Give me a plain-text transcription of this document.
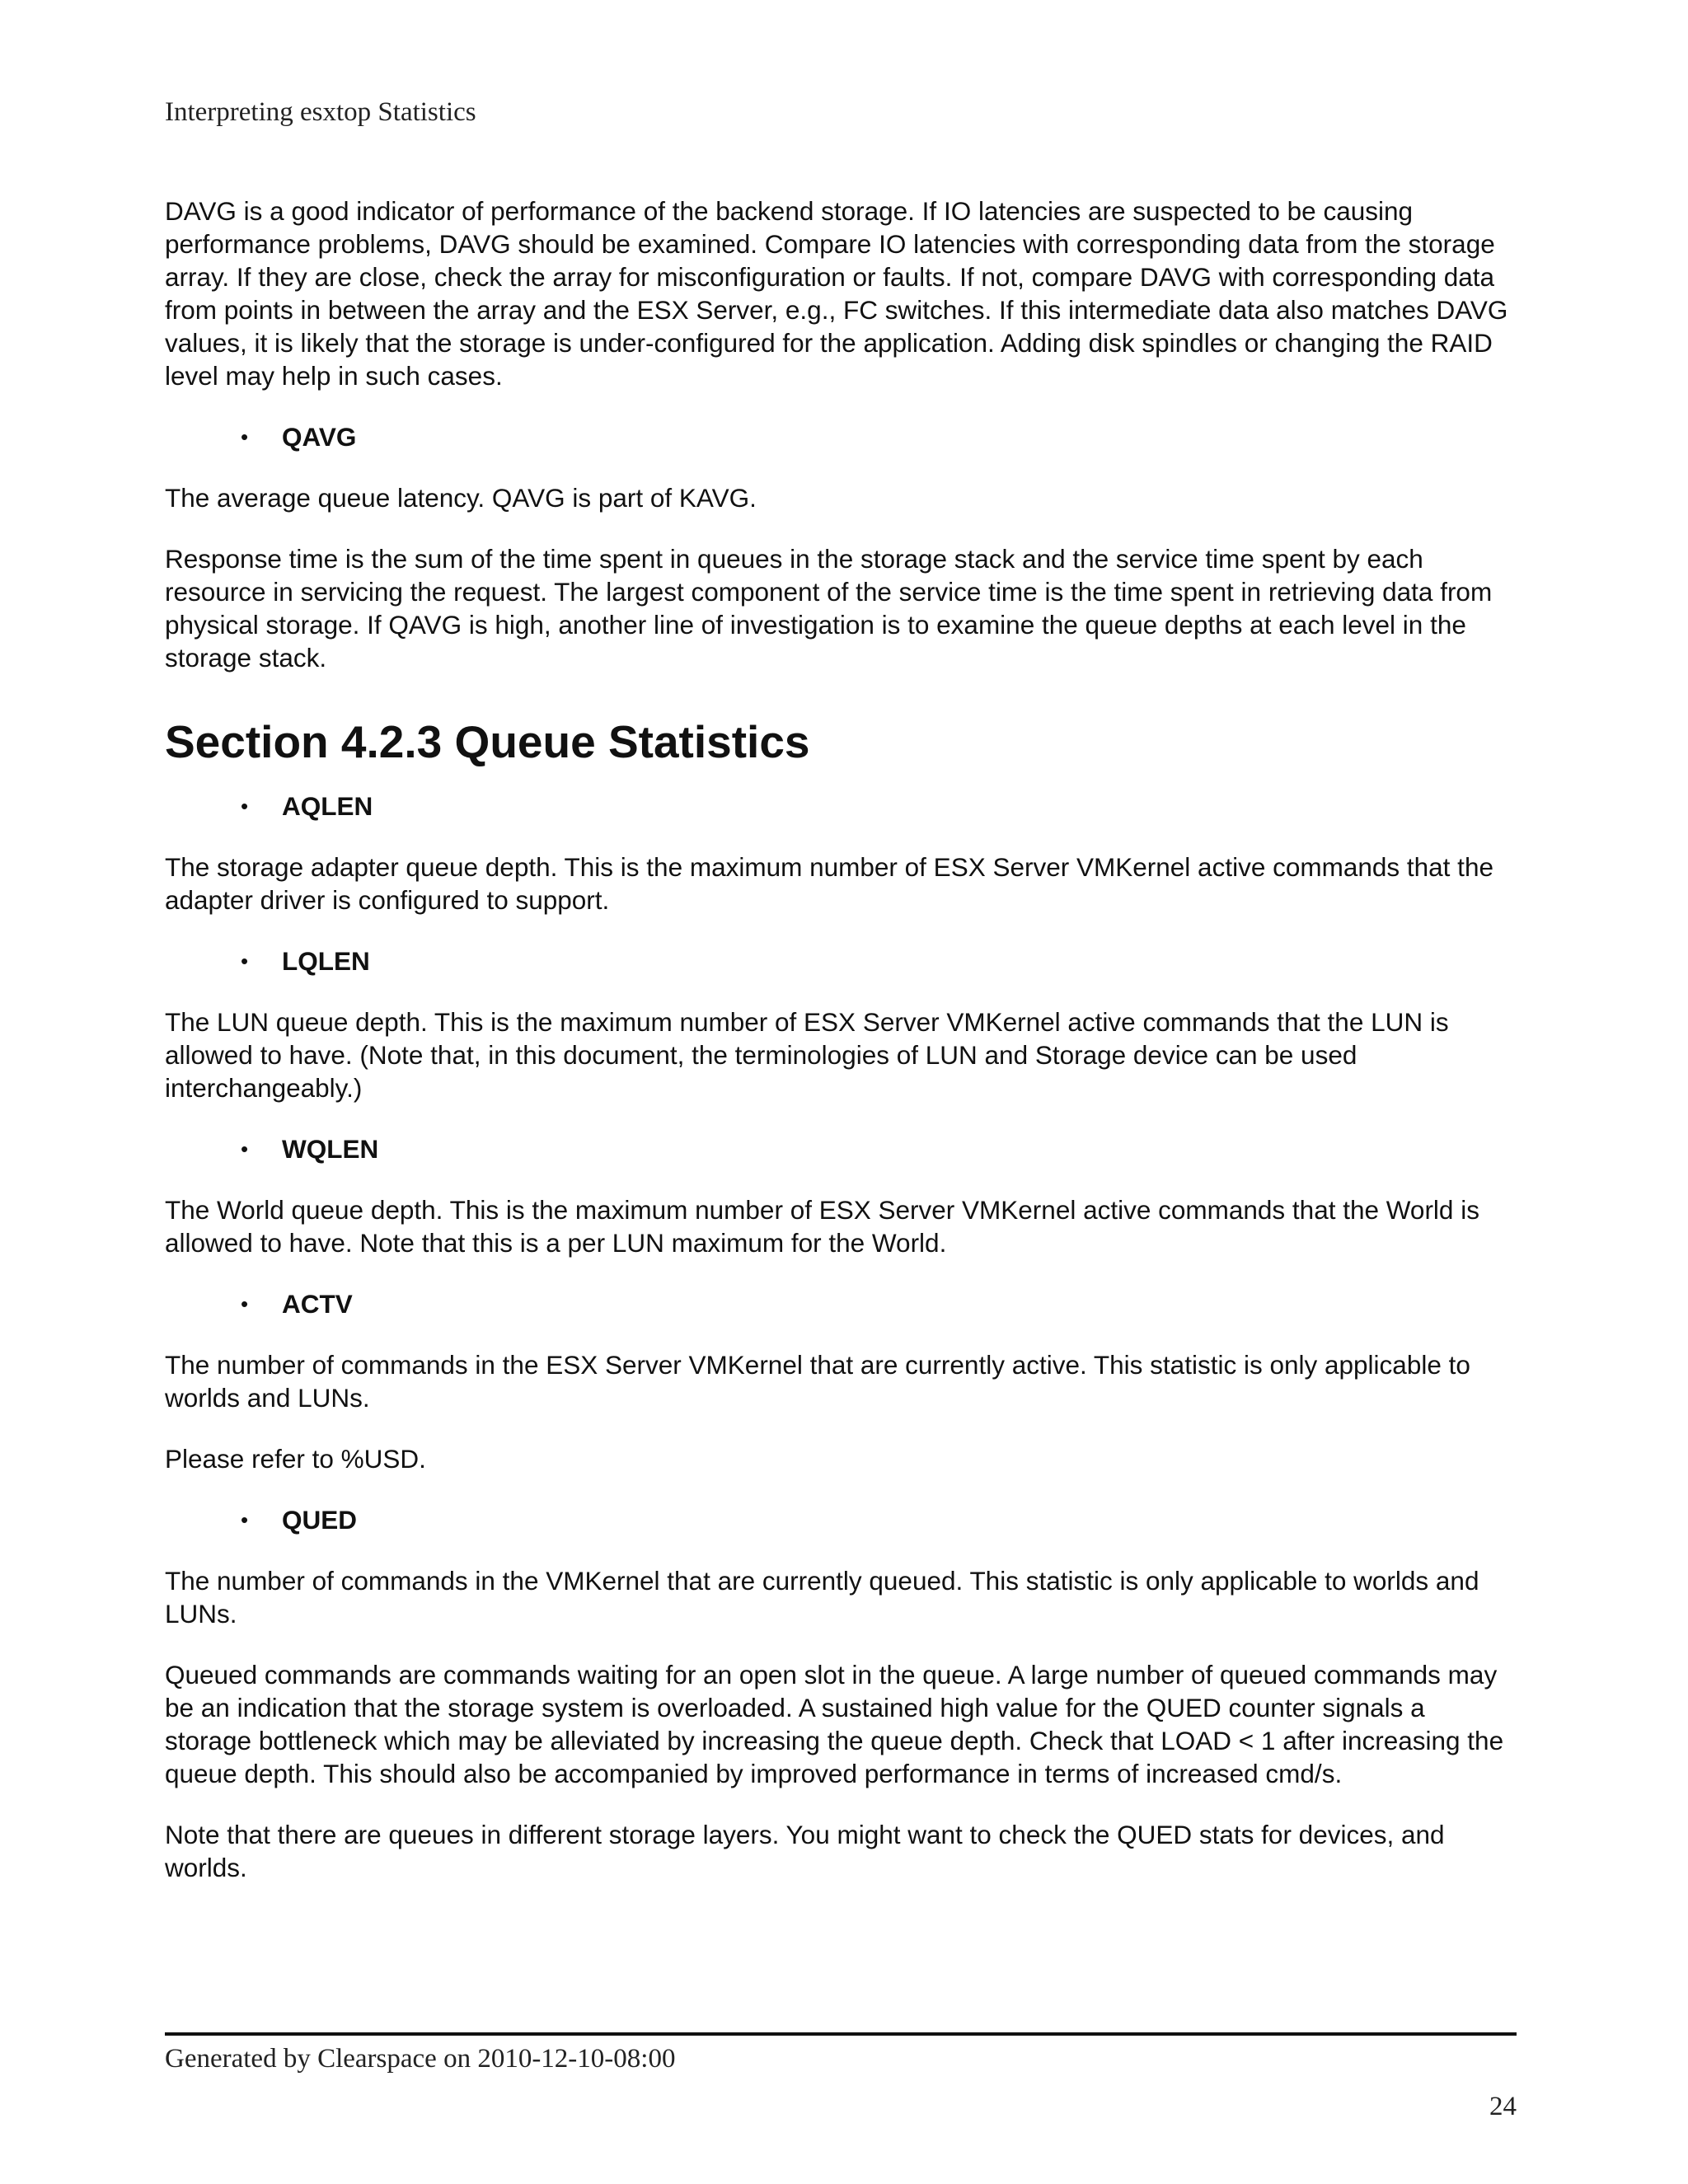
Interpreting esxtop Statistics

DAVG is a good indicator of performance of the backend storage. If IO latencies are suspected to be causing performance problems, DAVG should be examined. Compare IO latencies with corresponding data from the storage array. If they are close, check the array for misconfiguration or faults. If not, compare DAVG with corresponding data from points in between the array and the ESX Server, e.g., FC switches. If this intermediate data also matches DAVG values, it is likely that the storage is under-configured for the application. Adding disk spindles or changing the RAID level may help in such cases.

• QAVG

The average queue latency. QAVG is part of KAVG.

Response time is the sum of the time spent in queues in the storage stack and the service time spent by each resource in servicing the request. The largest component of the service time is the time spent in retrieving data from physical storage. If QAVG is high, another line of investigation is to examine the queue depths at each level in the storage stack.

Section 4.2.3 Queue Statistics
• AQLEN

The storage adapter queue depth. This is the maximum number of ESX Server VMKernel active commands that the adapter driver is configured to support.

• LQLEN

The LUN queue depth. This is the maximum number of ESX Server VMKernel active commands that the LUN is allowed to have. (Note that, in this document, the terminologies of LUN and Storage device can be used interchangeably.)

• WQLEN

The World queue depth. This is the maximum number of ESX Server VMKernel active commands that the World is allowed to have. Note that this is a per LUN maximum for the World.

• ACTV

The number of commands in the ESX Server VMKernel that are currently active. This statistic is only applicable to worlds and LUNs.

Please refer to %USD.

• QUED

The number of commands in the VMKernel that are currently queued. This statistic is only applicable to worlds and LUNs.

Queued commands are commands waiting for an open slot in the queue. A large number of queued commands may be an indication that the storage system is overloaded. A sustained high value for the QUED counter signals a storage bottleneck which may be alleviated by increasing the queue depth. Check that LOAD < 1 after increasing the queue depth. This should also be accompanied by improved performance in terms of increased cmd/s.

Note that there are queues in different storage layers. You might want to check the QUED stats for devices, and worlds.

Generated by Clearspace on 2010-12-10-08:00
24
